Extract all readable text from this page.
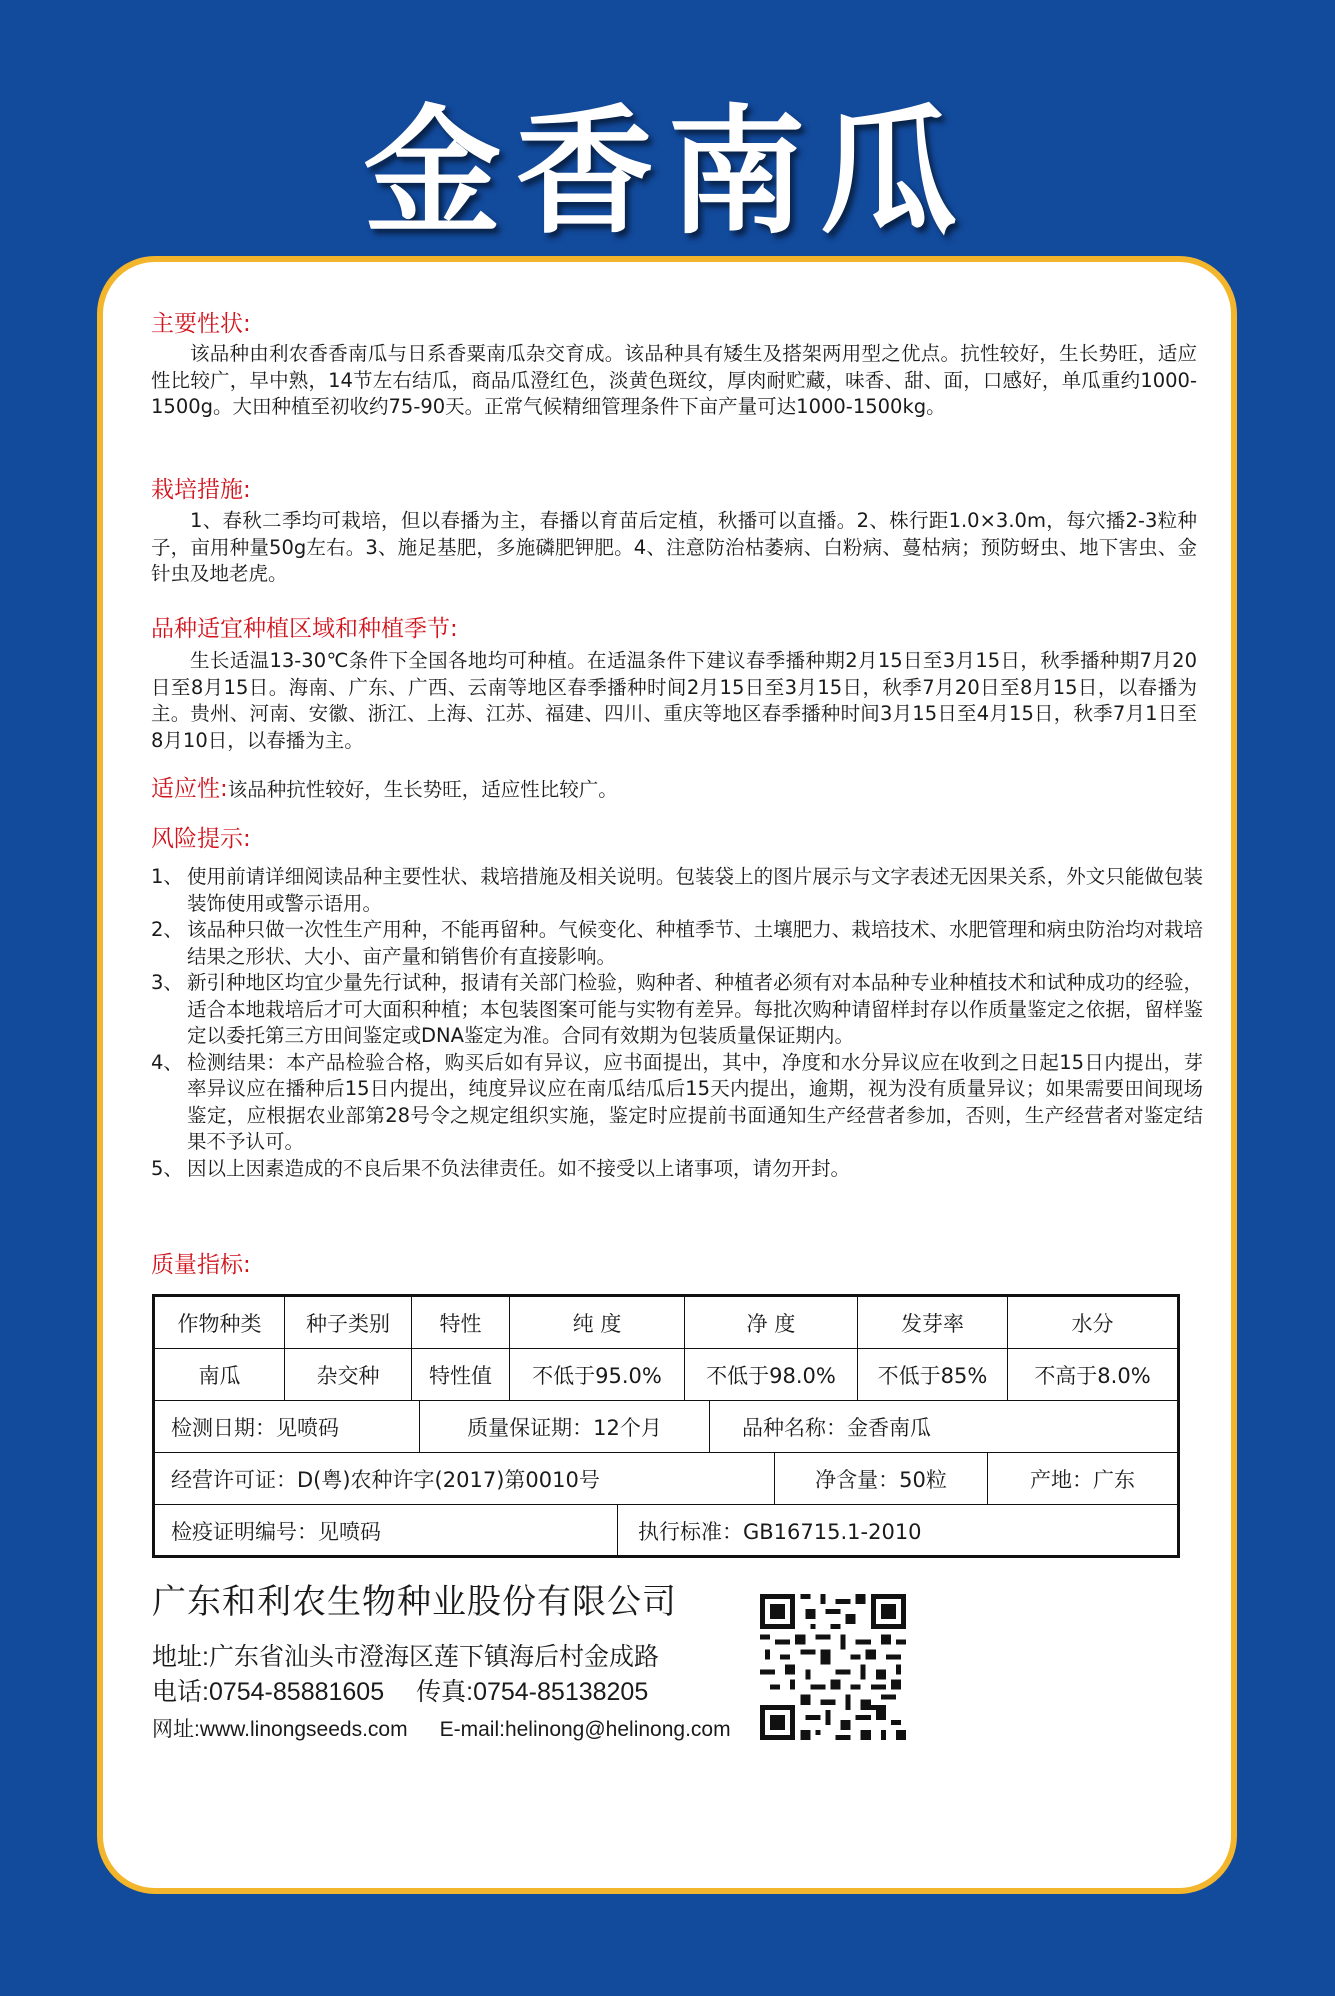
金香南瓜
主要性状:
该品种由利农香香南瓜与日系香粟南瓜杂交育成。该品种具有矮生及搭架两用型之优点。抗性较好，生长势旺，适应性比较广，早中熟，14节左右结瓜，商品瓜澄红色，淡黄色斑纹，厚肉耐贮藏，味香、甜、面，口感好，单瓜重约1000-1500g。大田种植至初收约75-90天。正常气候精细管理条件下亩产量可达1000-1500kg。
栽培措施:
1、春秋二季均可栽培，但以春播为主，春播以育苗后定植，秋播可以直播。2、株行距1.0×3.0m，每穴播2-3粒种子，亩用种量50g左右。3、施足基肥，多施磷肥钾肥。4、注意防治枯萎病、白粉病、蔓枯病；预防蚜虫、地下害虫、金针虫及地老虎。
品种适宜种植区域和种植季节:
生长适温13-30℃条件下全国各地均可种植。在适温条件下建议春季播种期2月15日至3月15日，秋季播种期7月20日至8月15日。海南、广东、广西、云南等地区春季播种时间2月15日至3月15日，秋季7月20日至8月15日，以春播为主。贵州、河南、安徽、浙江、上海、江苏、福建、四川、重庆等地区春季播种时间3月15日至4月15日，秋季7月1日至8月10日，以春播为主。
适应性:该品种抗性较好，生长势旺，适应性比较广。
风险提示:
1、 使用前请详细阅读品种主要性状、栽培措施及相关说明。包装袋上的图片展示与文字表述无因果关系，外文只能做包装装饰使用或警示语用。
2、 该品种只做一次性生产用种，不能再留种。气候变化、种植季节、土壤肥力、栽培技术、水肥管理和病虫防治均对栽培结果之形状、大小、亩产量和销售价有直接影响。
3、 新引种地区均宜少量先行试种，报请有关部门检验，购种者、种植者必须有对本品种专业种植技术和试种成功的经验，适合本地栽培后才可大面积种植；本包装图案可能与实物有差异。每批次购种请留样封存以作质量鉴定之依据，留样鉴定以委托第三方田间鉴定或DNA鉴定为准。合同有效期为包装质量保证期内。
4、 检测结果：本产品检验合格，购买后如有异议，应书面提出，其中，净度和水分异议应在收到之日起15日内提出，芽率异议应在播种后15日内提出，纯度异议应在南瓜结瓜后15天内提出，逾期，视为没有质量异议；如果需要田间现场鉴定，应根据农业部第28号令之规定组织实施，鉴定时应提前书面通知生产经营者参加，否则，生产经营者对鉴定结果不予认可。
5、 因以上因素造成的不良后果不负法律责任。如不接受以上诸事项，请勿开封。
质量指标:
作物种类	种子类别	特性	纯 度	净 度	发芽率	水分
南瓜	杂交种	特性值	不低于95.0%	不低于98.0%	不低于85%	不高于8.0%
检测日期：见喷码	质量保证期：12个月	品种名称：金香南瓜
经营许可证：D(粤)农种许字(2017)第0010号	净含量：50粒	产地：广东
检疫证明编号：见喷码	执行标准：GB16715.1-2010
广东和利农生物种业股份有限公司
地址:广东省汕头市澄海区莲下镇海后村金成路
电话:0754-85881605 传真:0754-85138205
网址:www.linongseeds.com E-mail:helinong@helinong.com
